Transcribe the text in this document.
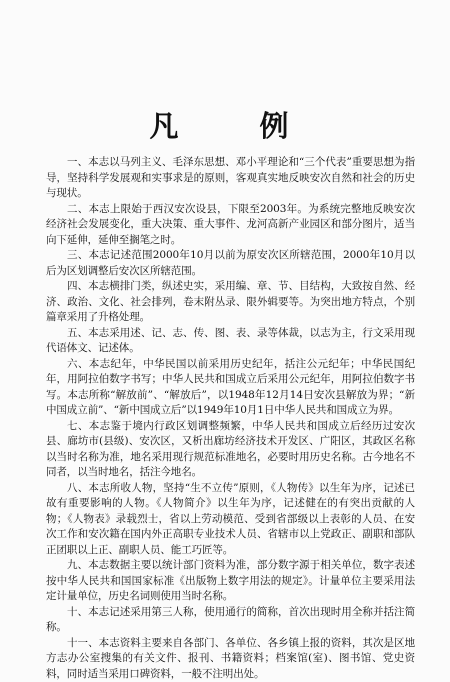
凡　例

一、本志以马列主义、毛泽东思想、邓小平理论和“三个代表”重要思想为指导，坚持科学发展观和实事求是的原则，客观真实地反映安次自然和社会的历史与现状。

二、本志上限始于西汉安次设县，下限至2003年。为系统完整地反映安次经济社会发展变化，重大决策、重大事件、龙河高新产业园区和部分图片，适当向下延伸，延伸至搁笔之时。

三、本志记述范围2000年10月以前为原安次区所辖范围，2000年10月以后为区划调整后安次区所辖范围。

四、本志横排门类，纵述史实，采用编、章、节、目结构，大致按自然、经济、政治、文化、社会排列，卷末附丛录、限外辑要等。为突出地方特点，个别篇章采用了升格处理。

五、本志采用述、记、志、传、图、表、录等体裁，以志为主，行文采用现代语体文、记述体。

六、本志纪年，中华民国以前采用历史纪年，括注公元纪年；中华民国纪年，用阿拉伯数字书写；中华人民共和国成立后采用公元纪年，用阿拉伯数字书写。本志所称“解放前”、“解放后”，以1948年12月14日安次县解放为界；“新中国成立前”、“新中国成立后”以1949年10月1日中华人民共和国成立为界。

七、本志鉴于境内行政区划调整频繁，中华人民共和国成立后经历过安次县、廊坊市(县级)、安次区，又析出廊坊经济技术开发区、广阳区，其政区名称以当时名称为准，地名采用现行规范标准地名，必要时用历史名称。古今地名不同者，以当时地名，括注今地名。

八、本志所收人物，坚持“生不立传”原则，《人物传》以生年为序，记述已故有重要影响的人物。《人物简介》以生年为序，记述健在的有突出贡献的人物；《人物表》录载烈士，省以上劳动模范、受到省部级以上表彰的人员、在安次工作和安次籍在国内外正高职专业技术人员、省辖市以上党政正、副职和部队正团职以上正、副职人员、能工巧匠等。

九、本志数据主要以统计部门资料为准，部分数字源于相关单位，数字表述按中华人民共和国国家标准《出版物上数字用法的规定》。计量单位主要采用法定计量单位，历史名词则使用当时名称。

十、本志记述采用第三人称，使用通行的简称，首次出现时用全称并括注简称。

十一、本志资料主要来自各部门、各单位、各乡镇上报的资料，其次是区地方志办公室搜集的有关文件、报刊、书籍资料；档案馆(室)、图书馆、党史资料，同时适当采用口碑资料，一般不注明出处。
